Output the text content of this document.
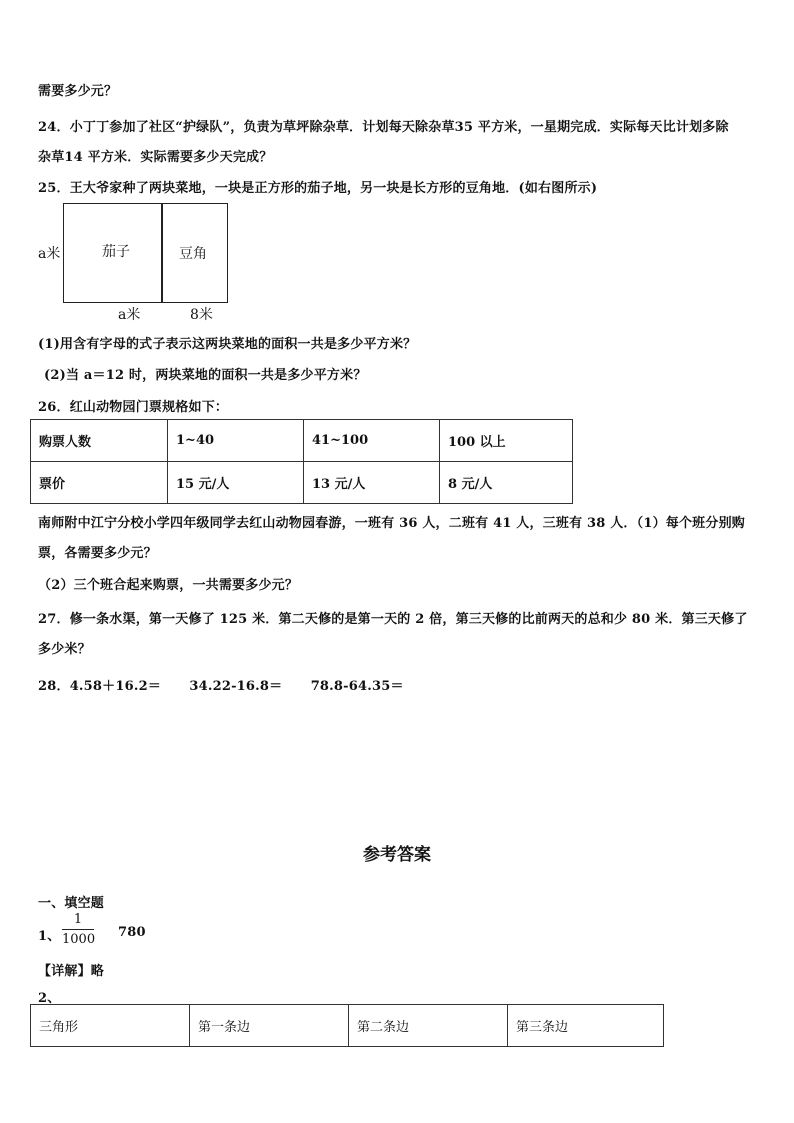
需要多少元？
24．小丁丁参加了社区“护绿队”，负责为草坪除杂草．计划每天除杂草35 平方米，一星期完成．实际每天比计划多除
杂草14 平方米．实际需要多少天完成？
25．王大爷家种了两块菜地，一块是正方形的茄子地，另一块是长方形的豆角地．(如右图所示)
a米	茄子	豆角
a米	8米
(1)用含有字母的式子表示这两块菜地的面积一共是多少平方米？
(2)当 a＝12 时，两块菜地的面积一共是多少平方米？
26．红山动物园门票规格如下：
购票人数	1~40	41~100	100 以上
票价	15 元/人	13 元/人	8 元/人
南师附中江宁分校小学四年级同学去红山动物园春游，一班有 36 人，二班有 41 人，三班有 38 人．（1）每个班分别购
票，各需要多少元？
（2）三个班合起来购票，一共需要多少元？
27．修一条水渠，第一天修了 125 米．第二天修的是第一天的 2 倍，第三天修的比前两天的总和少 80 米．第三天修了
多少米？
28．4.58＋16.2＝      34.22-16.8＝      78.8-64.35＝
参考答案
一、填空题
1、 $\frac{1}{1000} 780$
【详解】略
2、
三角形	第一条边	第二条边	第三条边
